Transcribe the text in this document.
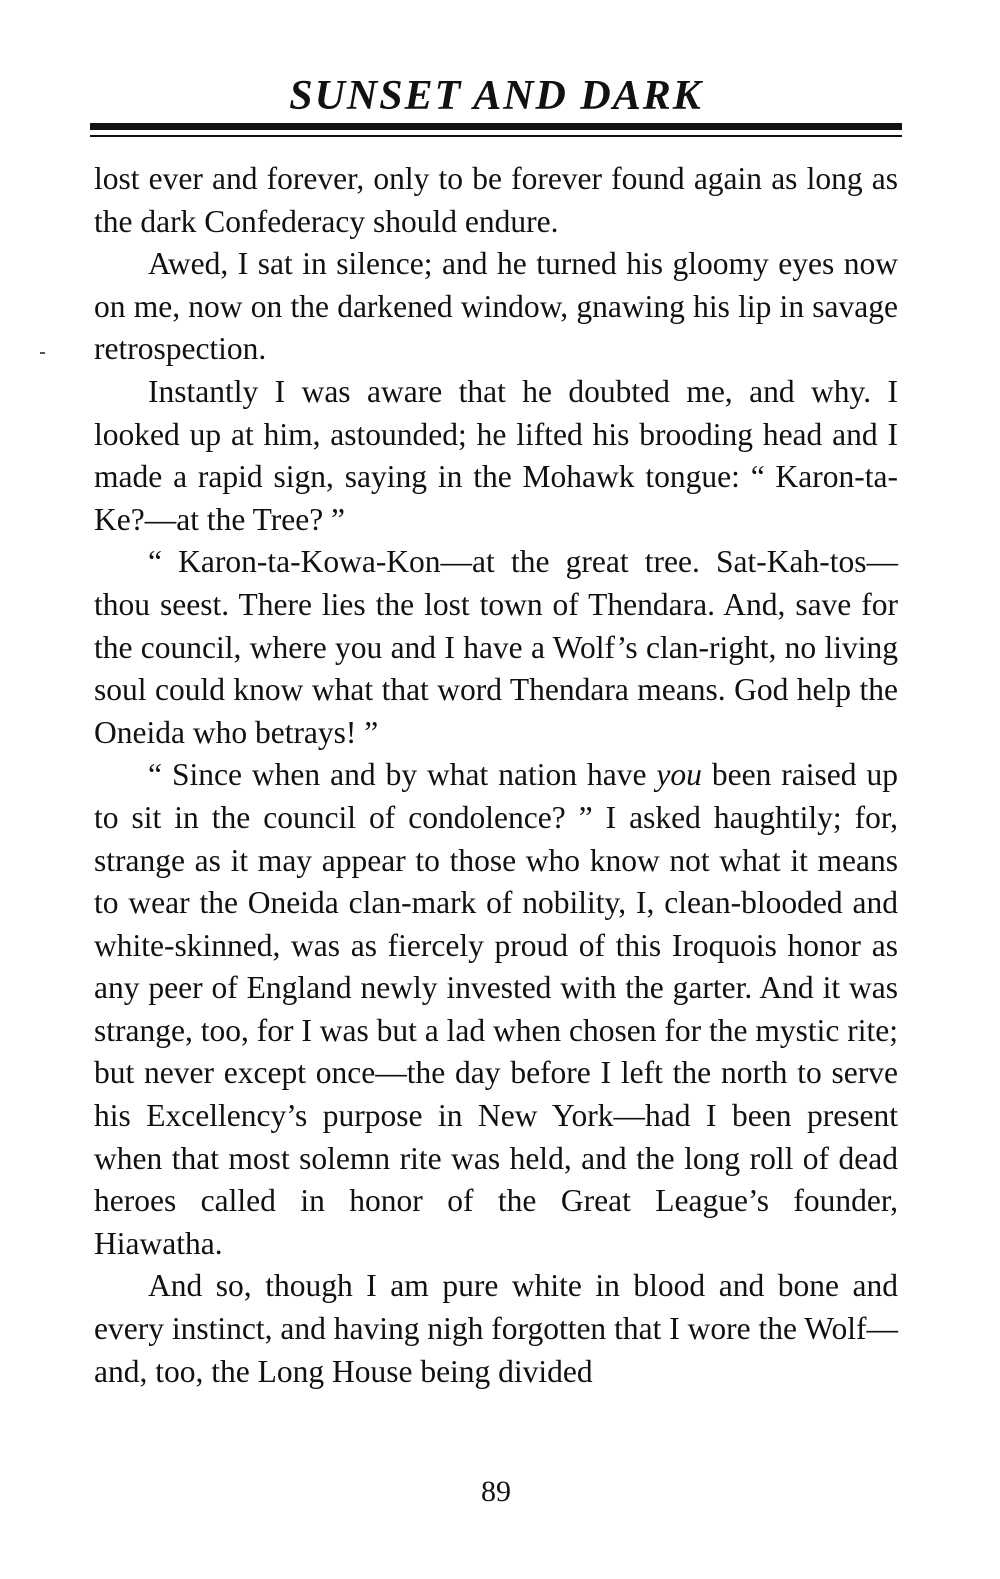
SUNSET AND DARK

lost ever and forever, only to be forever found again as long as the dark Confederacy should endure.

Awed, I sat in silence; and he turned his gloomy eyes now on me, now on the darkened window, gnawing his lip in savage retrospection.

Instantly I was aware that he doubted me, and why. I looked up at him, astounded; he lifted his brooding head and I made a rapid sign, saying in the Mohawk tongue: “ Karon-ta-Ke?—at the Tree? ”

“ Karon-ta-Kowa-Kon—at the great tree. Sat-Kah-tos—thou seest. There lies the lost town of Thendara. And, save for the council, where you and I have a Wolf’s clan-right, no living soul could know what that word Thendara means. God help the Oneida who betrays! ”

“ Since when and by what nation have you been raised up to sit in the council of condolence? ” I asked haughtily; for, strange as it may appear to those who know not what it means to wear the Oneida clan-mark of nobility, I, clean-blooded and white-skinned, was as fiercely proud of this Iroquois honor as any peer of England newly invested with the garter. And it was strange, too, for I was but a lad when chosen for the mystic rite; but never except once—the day before I left the north to serve his Excellency’s purpose in New York—had I been present when that most solemn rite was held, and the long roll of dead heroes called in honor of the Great League’s founder, Hiawatha.

And so, though I am pure white in blood and bone and every instinct, and having nigh forgotten that I wore the Wolf—and, too, the Long House being divided

89
